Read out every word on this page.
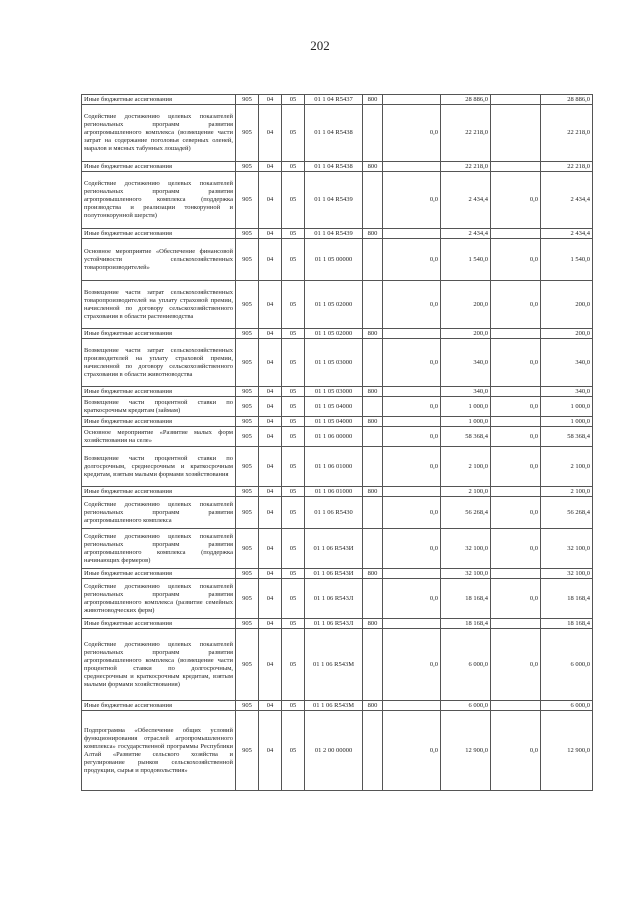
202
Иные бюджетные ассигнования	905	04	05	01 1 04 R5437	800		28 886,0		28 886,0
Содействие достижению целевых показателей региональных программ развития агропромышленного комплекса (возмещение части затрат на содержание поголовья северных оленей, маралов и мясных табунных лошадей)	905	04	05	01 1 04 R5438		0,0	22 218,0		22 218,0
Иные бюджетные ассигнования	905	04	05	01 1 04 R5438	800		22 218,0		22 218,0
Содействие достижению целевых показателей региональных программ развития агропромышленного комплекса (поддержка производства и реализации тонкорунной и полутонкорунной шерсти)	905	04	05	01 1 04 R5439		0,0	2 434,4	0,0	2 434,4
Иные бюджетные ассигнования	905	04	05	01 1 04 R5439	800		2 434,4		2 434,4
Основное мероприятие «Обеспечение финансовой устойчивости сельскохозяйственных товаропроизводителей»	905	04	05	01 1 05 00000		0,0	1 540,0	0,0	1 540,0
Возмещение части затрат сельскохозяйственных товаропроизводителей на уплату страховой премии, начисленной по договору сельскохозяйственного страхования в области растениеводства	905	04	05	01 1 05 02000		0,0	200,0	0,0	200,0
Иные бюджетные ассигнования	905	04	05	01 1 05 02000	800		200,0		200,0
Возмещение части затрат сельскохозяйственных производителей на уплату страховой премии, начисленной по договору сельскохозяйственного страхования в области животноводства	905	04	05	01 1 05 03000		0,0	340,0	0,0	340,0
Иные бюджетные ассигнования	905	04	05	01 1 05 03000	800		340,0		340,0
Возмещение части процентной ставки по краткосрочным кредитам (займам)	905	04	05	01 1 05 04000		0,0	1 000,0	0,0	1 000,0
Иные бюджетные ассигнования	905	04	05	01 1 05 04000	800		1 000,0		1 000,0
Основное мероприятие «Развитие малых форм хозяйствования на селе»	905	04	05	01 1 06 00000		0,0	58 368,4	0,0	58 368,4
Возмещение части процентной ставки по долгосрочным, среднесрочным и краткосрочным кредитам, взятым малыми формами хозяйствования	905	04	05	01 1 06 01000		0,0	2 100,0	0,0	2 100,0
Иные бюджетные ассигнования	905	04	05	01 1 06 01000	800		2 100,0		2 100,0
Содействие достижению целевых показателей региональных программ развития агропромышленного комплекса	905	04	05	01 1 06 R5430		0,0	56 268,4	0,0	56 268,4
Содействие достижению целевых показателей региональных программ развития агропромышленного комплекса (поддержка начинающих фермеров)	905	04	05	01 1 06 R543И		0,0	32 100,0	0,0	32 100,0
Иные бюджетные ассигнования	905	04	05	01 1 06 R543И	800		32 100,0		32 100,0
Содействие достижению целевых показателей региональных программ развития агропромышленного комплекса (развитие семейных животноводческих ферм)	905	04	05	01 1 06 R543Л		0,0	18 168,4	0,0	18 168,4
Иные бюджетные ассигнования	905	04	05	01 1 06 R543Л	800		18 168,4		18 168,4
Содействие достижению целевых показателей региональных программ развития агропромышленного комплекса (возмещение части процентной ставки по долгосрочным, среднесрочным и краткосрочным кредитам, взятым малыми формами хозяйствования)	905	04	05	01 1 06 R543М		0,0	6 000,0	0,0	6 000,0
Иные бюджетные ассигнования	905	04	05	01 1 06 R543М	800		6 000,0		6 000,0
Подпрограмма «Обеспечение общих условий функционирования отраслей агропромышленного комплекса» государственной программы Республики Алтай «Развитие сельского хозяйства и регулирование рынков сельскохозяйственной продукции, сырья и продовольствия»	905	04	05	01 2 00 00000		0,0	12 900,0	0,0	12 900,0
